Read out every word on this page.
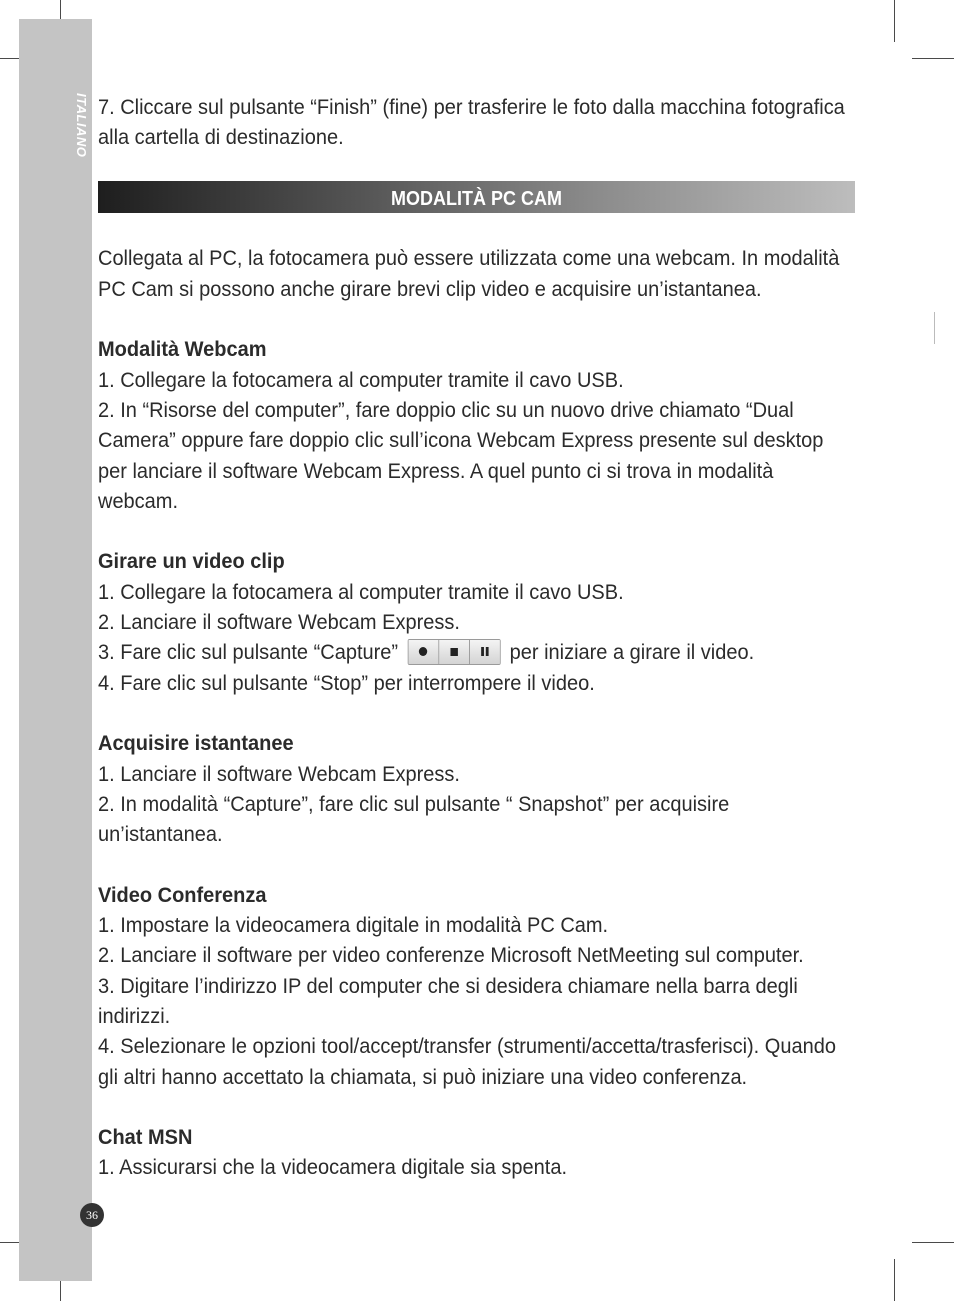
ITALIANO
36
MODALITÀ PC CAM

7. Cliccare sul pulsante “Finish” (fine) per trasferire le foto dalla macchina fotografica

alla cartella di destinazione.

Collegata al PC, la fotocamera può essere utilizzata come una webcam. In modalità

PC Cam si possono anche girare brevi clip video e acquisire un’istantanea.

Modalità Webcam

1. Collegare la fotocamera al computer tramite il cavo USB.

2. In “Risorse del computer”, fare doppio clic su un nuovo drive chiamato “Dual

Camera” oppure fare doppio clic sull’icona Webcam Express presente sul desktop

per lanciare il software Webcam Express. A quel punto ci si trova in modalità

webcam.

Girare un video clip

1. Collegare la fotocamera al computer tramite il cavo USB.

2. Lanciare il software Webcam Express.

3. Fare clic sul pulsante “Capture”	per iniziare a girare il video.

4. Fare clic sul pulsante “Stop” per interrompere il video.

Acquisire istantanee

1. Lanciare il software Webcam Express.

2. In modalità “Capture”, fare clic sul pulsante “ Snapshot” per acquisire

un’istantanea.

Video Conferenza

1. Impostare la videocamera digitale in modalità PC Cam.

2. Lanciare il software per video conferenze Microsoft NetMeeting sul computer.

3. Digitare l’indirizzo IP del computer che si desidera chiamare nella barra degli

indirizzi.

4. Selezionare le opzioni tool/accept/transfer (strumenti/accetta/trasferisci). Quando

gli altri hanno accettato la chiamata, si può iniziare una video conferenza.

Chat MSN

1. Assicurarsi che la videocamera digitale sia spenta.
